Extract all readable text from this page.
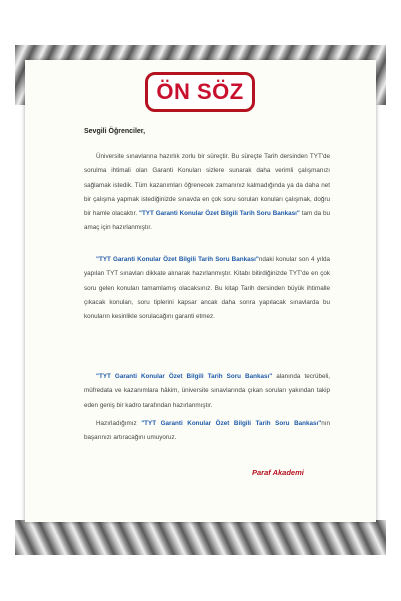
ÖN SÖZ
Sevgili Öğrenciler,
Üniversite sınavlarına hazırlık zorlu bir süreçtir. Bu süreçte Tarih dersinden TYT'de sorulma ihtimali olan Garanti Konuları sizlere sunarak daha verimli çalışmanızı sağlamak istedik. Tüm kazanımları öğrenecek zamanınız kalmadığında ya da daha net bir çalışma yapmak istediğinizde sınavda en çok soru sorulan konuları çalışmak, doğru bir hamle olacaktır. "TYT Garanti Konular Özet Bilgili Tarih Soru Bankası" tam da bu amaç için hazırlanmıştır.
"TYT Garanti Konular Özet Bilgili Tarih Soru Bankası"ndaki konular son 4 yılda yapılan TYT sınavları dikkate alınarak hazırlanmıştır. Kitabı bitirdiğinizde TYT'de en çok soru gelen konuları tamamlamış olacaksınız. Bu kitap Tarih dersinden büyük ihtimalle çıkacak konuları, soru tiplerini kapsar ancak daha sonra yapılacak sınavlarda bu konuların kesinlikle sorulacağını garanti etmez.
"TYT Garanti Konular Özet Bilgili Tarih Soru Bankası" alanında tecrübeli, müfredata ve kazanımlara hâkim, üniversite sınavlarında çıkan soruları yakından takip eden geniş bir kadro tarafından hazırlanmıştır.
Hazırladığımız "TYT Garanti Konular Özet Bilgili Tarih Soru Bankası"nın başarınızı artıracağını umuyoruz.
Paraf Akademi
